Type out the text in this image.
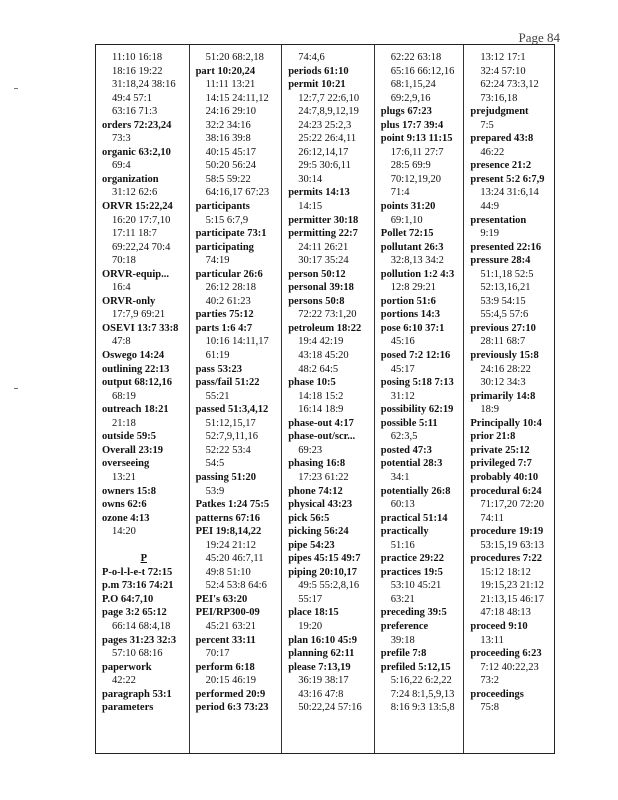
Page 84
11:10 16:18
18:16 19:22
31:18,24 38:16
49:4 57:1
63:16 71:3
orders 72:23,24
73:3
organic 63:2,10
69:4
organization
31:12 62:6
ORVR 15:22,24
16:20 17:7,10
17:11 18:7
69:22,24 70:4
70:18
ORVR-equip...
16:4
ORVR-only
17:7,9 69:21
OSEVI 13:7 33:8
47:8
Oswego 14:24
outlining 22:13
output 68:12,16
68:19
outreach 18:21
21:18
outside 59:5
Overall 23:19
overseeing
13:21
owners 15:8
owns 62:6
ozone 4:13
14:20

P
P-o-l-l-e-t 72:15
p.m 73:16 74:21
P.O 64:7,10
page 3:2 65:12
66:14 68:4,18
pages 31:23 32:3
57:10 68:16
paperwork
42:22
paragraph 53:1
parameters
51:20 68:2,18
part 10:20,24
11:11 13:21
14:15 24:11,12
24:16 29:10
32:2 34:16
38:16 39:8
40:15 45:17
50:20 56:24
58:5 59:22
64:16,17 67:23
participants
5:15 6:7,9
participate 73:1
participating
74:19
particular 26:6
26:12 28:18
40:2 61:23
parties 75:12
parts 1:6 4:7
10:16 14:11,17
61:19
pass 53:23
pass/fail 51:22
55:21
passed 51:3,4,12
51:12,15,17
52:7,9,11,16
52:22 53:4
54:5
passing 51:20
53:9
Patkes 1:24 75:5
patterns 67:16
PEI 19:8,14,22
19:24 21:12
45:20 46:7,11
49:8 51:10
52:4 53:8 64:6
PEI's 63:20
PEI/RP300-09
45:21 63:21
percent 33:11
70:17
perform 6:18
20:15 46:19
performed 20:9
period 6:3 73:23
74:4,6
periods 61:10
permit 10:21
12:7,7 22:6,10
24:7,8,9,12,19
24:23 25:2,3
25:22 26:4,11
26:12,14,17
29:5 30:6,11
30:14
permits 14:13
14:15
permitter 30:18
permitting 22:7
24:11 26:21
30:17 35:24
person 50:12
personal 39:18
persons 50:8
72:22 73:1,20
petroleum 18:22
19:4 42:19
43:18 45:20
48:2 64:5
phase 10:5
14:18 15:2
16:14 18:9
phase-out 4:17
phase-out/scr...
69:23
phasing 16:8
17:23 61:22
phone 74:12
physical 43:23
pick 56:5
picking 56:24
pipe 54:23
pipes 45:15 49:7
piping 20:10,17
49:5 55:2,8,16
55:17
place 18:15
19:20
plan 16:10 45:9
planning 62:11
please 7:13,19
36:19 38:17
43:16 47:8
50:22,24 57:16
62:22 63:18
65:16 66:12,16
68:1,15,24
69:2,9,16
plugs 67:23
plus 17:7 39:4
point 9:13 11:15
17:6,11 27:7
28:5 69:9
70:12,19,20
71:4
points 31:20
69:1,10
Pollet 72:15
pollutant 26:3
32:8,13 34:2
pollution 1:2 4:3
12:8 29:21
portion 51:6
portions 14:3
pose 6:10 37:1
45:16
posed 7:2 12:16
45:17
posing 5:18 7:13
31:12
possibility 62:19
possible 5:11
62:3,5
posted 47:3
potential 28:3
34:1
potentially 26:8
60:13
practical 51:14
practically
51:16
practice 29:22
practices 19:5
53:10 45:21
63:21
preceding 39:5
preference
39:18
prefile 7:8
prefiled 5:12,15
5:16,22 6:2,22
7:24 8:1,5,9,13
8:16 9:3 13:5,8
13:12 17:1
32:4 57:10
62:24 73:3,12
73:16,18
prejudgment
7:5
prepared 43:8
46:22
presence 21:2
present 5:2 6:7,9
13:24 31:6,14
44:9
presentation
9:19
presented 22:16
pressure 28:4
51:1,18 52:5
52:13,16,21
53:9 54:15
55:4,5 57:6
previous 27:10
28:11 68:7
previously 15:8
24:16 28:22
30:12 34:3
primarily 14:8
18:9
Principally 10:4
prior 21:8
private 25:12
privileged 7:7
probably 40:10
procedural 6:24
71:17,20 72:20
74:11
procedure 19:19
53:15,19 63:13
procedures 7:22
15:12 18:12
19:15,23 21:12
21:13,15 46:17
47:18 48:13
proceed 9:10
13:11
proceeding 6:23
7:12 40:22,23
73:2
proceedings
75:8
